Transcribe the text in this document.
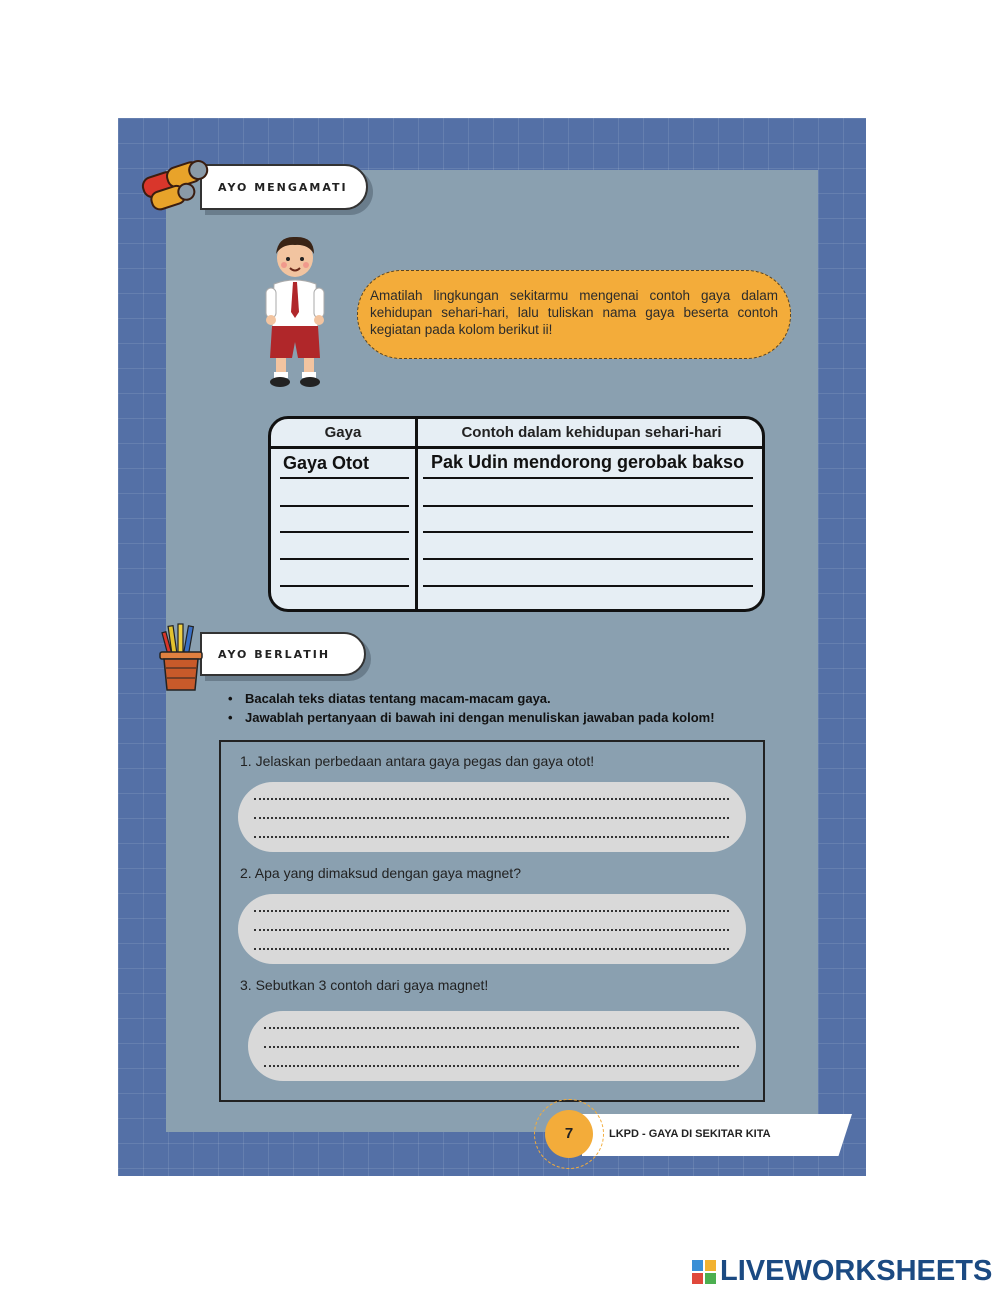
AYO MENGAMATI
Amatilah lingkungan sekitarmu mengenai contoh gaya dalam kehidupan sehari-hari, lalu tuliskan nama gaya beserta contoh kegiatan pada kolom berikut ii!
Gaya	Contoh dalam kehidupan sehari-hari
Gaya Otot	Pak Udin mendorong gerobak bakso
AYO BERLATIH
• Bacalah teks diatas tentang macam-macam gaya.
• Jawablah pertanyaan di bawah ini dengan menuliskan jawaban pada kolom!
1. Jelaskan perbedaan antara gaya pegas dan gaya otot!
2. Apa yang dimaksud dengan gaya magnet?
3. Sebutkan 3 contoh dari gaya magnet!
7	LKPD - GAYA DI SEKITAR KITA
LIVEWORKSHEETS
